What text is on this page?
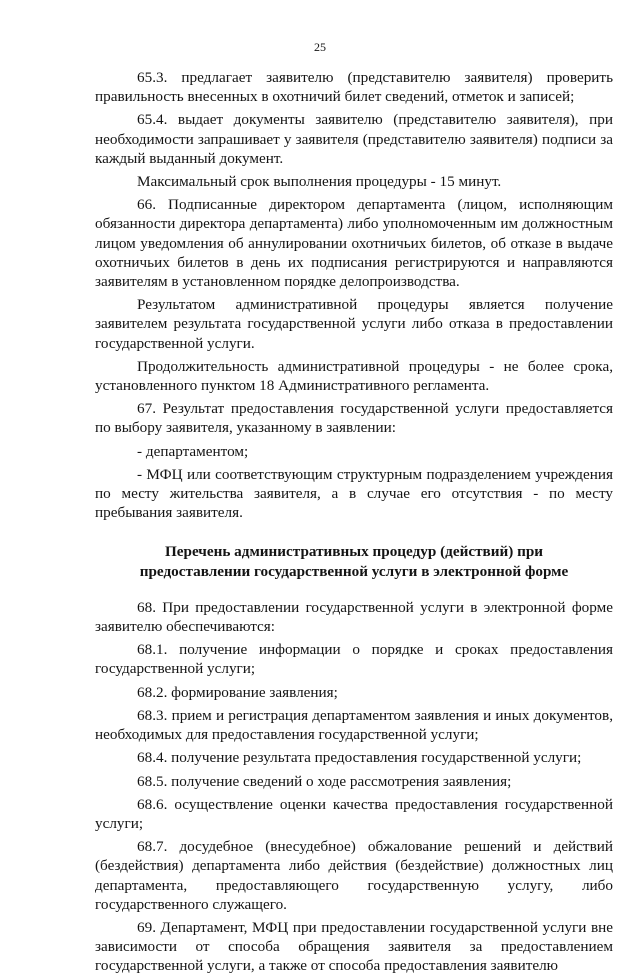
25

65.3. предлагает заявителю (представителю заявителя) проверить правильность внесенных в охотничий билет сведений, отметок и записей;

65.4. выдает документы заявителю (представителю заявителя), при необходимости запрашивает у заявителя (представителю заявителя) подписи за каждый выданный документ.

Максимальный срок выполнения процедуры - 15 минут.

66. Подписанные директором департамента (лицом, исполняющим обязанности директора департамента) либо уполномоченным им должностным лицом уведомления об аннулировании охотничьих билетов, об отказе в выдаче охотничьих билетов в день их подписания регистрируются и направляются заявителям в установленном порядке делопроизводства.

Результатом административной процедуры является получение заявителем результата государственной услуги либо отказа в предоставлении государственной услуги.

Продолжительность административной процедуры - не более срока, установленного пунктом 18 Административного регламента.

67. Результат предоставления государственной услуги предоставляется по выбору заявителя, указанному в заявлении:

- департаментом;

- МФЦ или соответствующим структурным подразделением учреждения по месту жительства заявителя, а в случае его отсутствия - по месту пребывания заявителя.

Перечень административных процедур (действий) при
предоставлении государственной услуги в электронной форме

68. При предоставлении государственной услуги в электронной форме заявителю обеспечиваются:

68.1. получение информации о порядке и сроках предоставления государственной услуги;

68.2. формирование заявления;

68.3. прием и регистрация департаментом заявления и иных документов, необходимых для предоставления государственной услуги;

68.4. получение результата предоставления государственной услуги;

68.5. получение сведений о ходе рассмотрения заявления;

68.6. осуществление оценки качества предоставления государственной услуги;

68.7. досудебное (внесудебное) обжалование решений и действий (бездействия) департамента либо действия (бездействие) должностных лиц департамента, предоставляющего государственную услугу, либо государственного служащего.

69. Департамент, МФЦ при предоставлении государственной услуги вне зависимости от способа обращения заявителя за предоставлением государственной услуги, а также от способа предоставления заявителю
